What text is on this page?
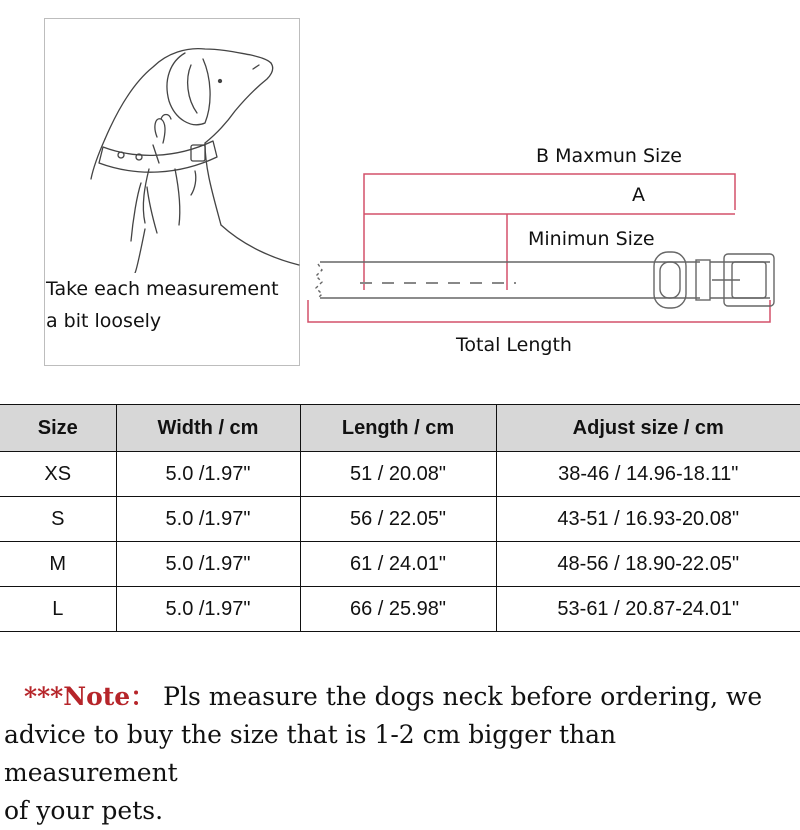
Take each measurement
a bit loosely
B Maxmun Size
A
Minimun Size
Total Length
Size	Width / cm	Length / cm	Adjust size / cm
XS	5.0 /1.97"	51 / 20.08"	38-46 / 14.96-18.11"
S	5.0 /1.97"	56 / 22.05"	43-51 / 16.93-20.08"
M	5.0 /1.97"	61 / 24.01"	48-56 / 18.90-22.05"
L	5.0 /1.97"	66 / 25.98"	53-61 / 20.87-24.01"
***Note： Pls measure the dogs neck before ordering, we
advice to buy the size that is 1-2 cm bigger than measurement
of your pets.
